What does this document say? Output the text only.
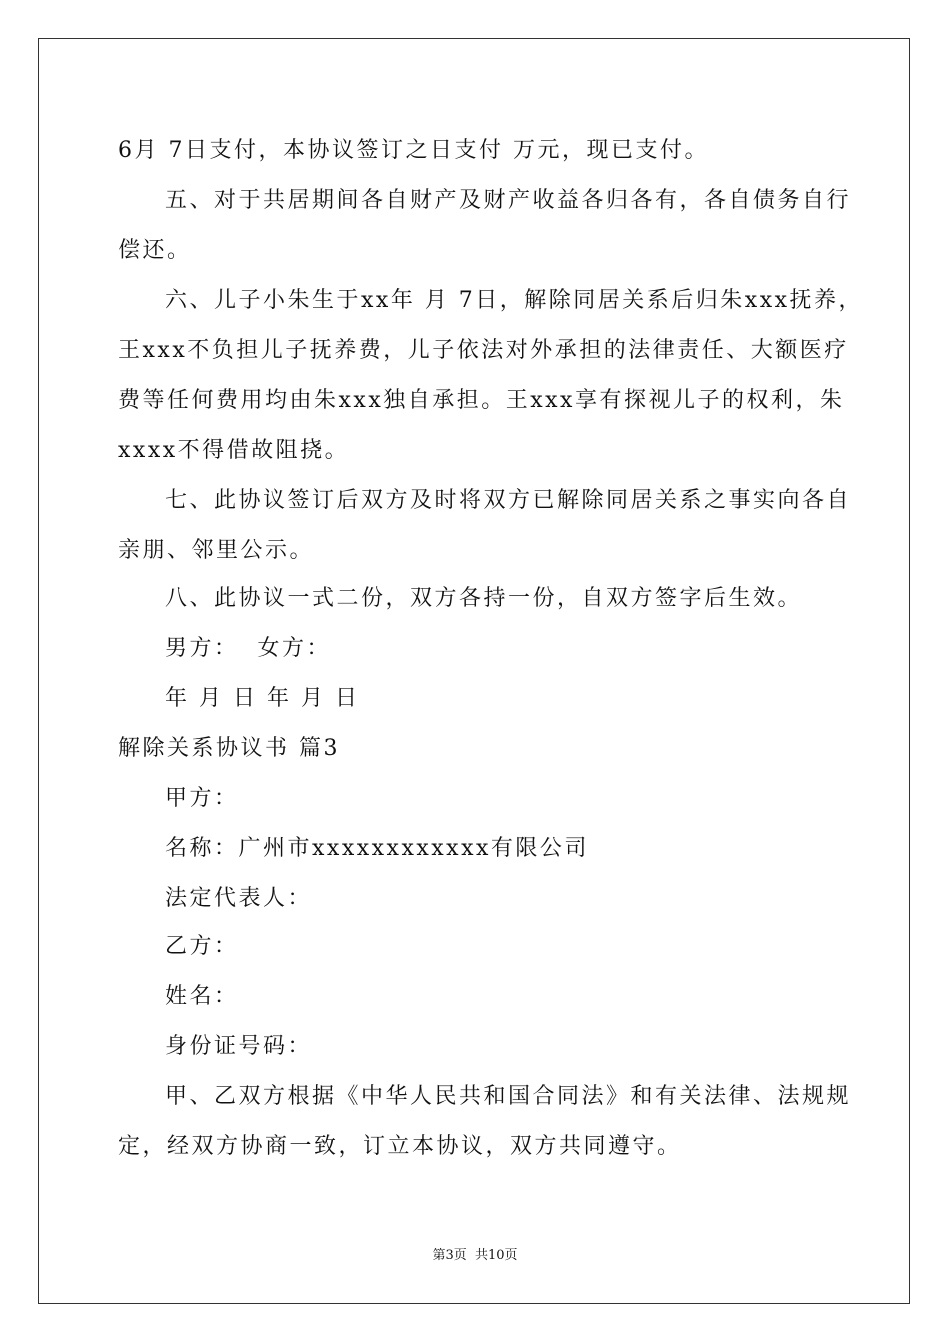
6月 7日支付，本协议签订之日支付 万元，现已支付。
五、对于共居期间各自财产及财产收益各归各有，各自债务自行
偿还。
六、儿子小朱生于xx年 月 7日，解除同居关系后归朱xxx抚养，
王xxx不负担儿子抚养费，儿子依法对外承担的法律责任、大额医疗
费等任何费用均由朱xxx独自承担。王xxx享有探视儿子的权利，朱
xxxx不得借故阻挠。
七、此协议签订后双方及时将双方已解除同居关系之事实向各自
亲朋、邻里公示。
八、此协议一式二份，双方各持一份，自双方签字后生效。
男方：  女方：
年 月 日 年 月 日
解除关系协议书 篇3
甲方：
名称：广州市xxxxxxxxxxxx有限公司
法定代表人：
乙方：
姓名：
身份证号码：
甲、乙双方根据《中华人民共和国合同法》和有关法律、法规规
定，经双方协商一致，订立本协议，双方共同遵守。
第3页  共10页
